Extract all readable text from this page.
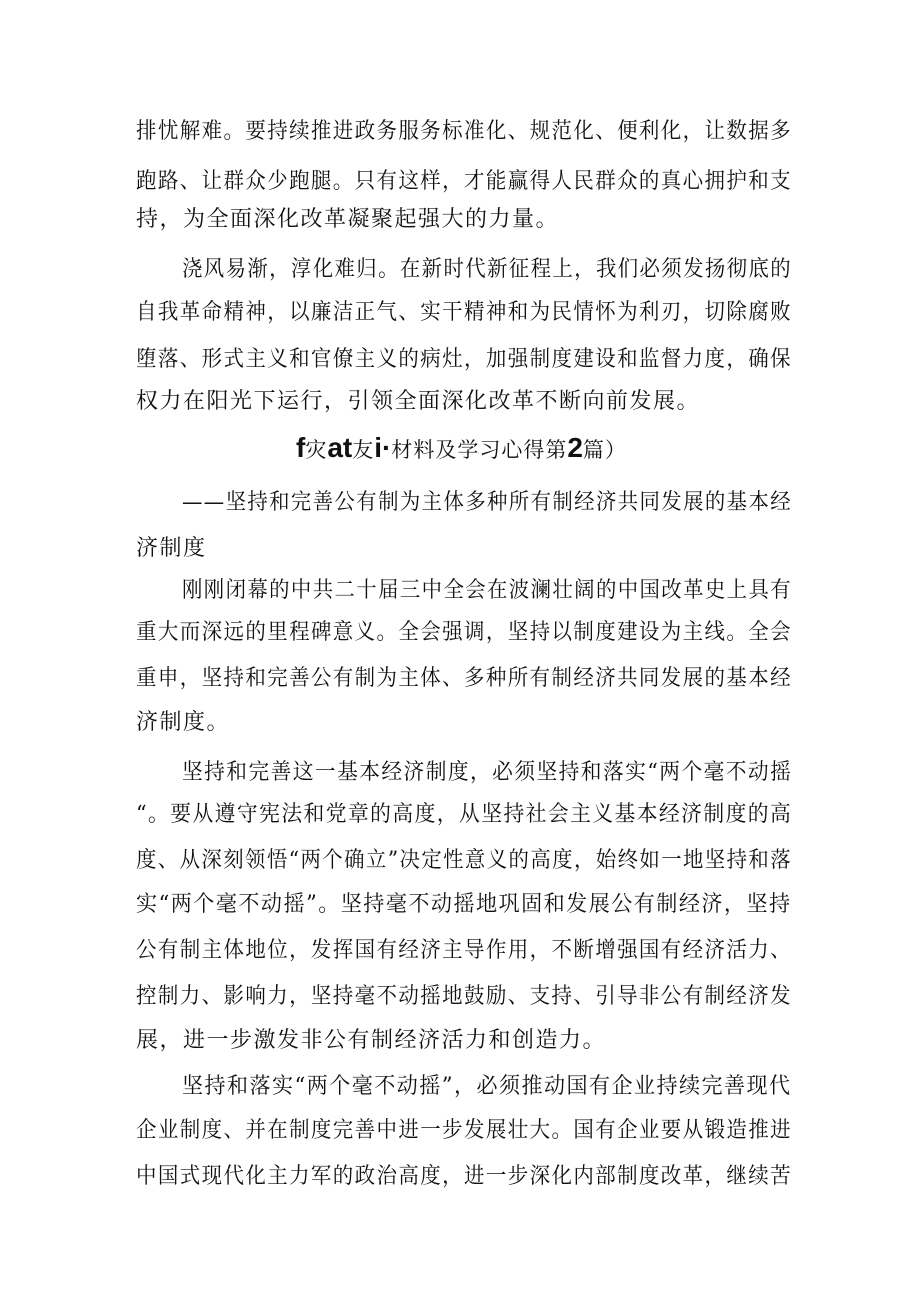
排忧解难。要持续推进政务服务标准化、规范化、便利化，让数据多
跑路、让群众少跑腿。只有这样，才能赢得人民群众的真心拥护和支
持，为全面深化改革凝聚起强大的力量。
浇风易渐，淳化难归。在新时代新征程上，我们必须发扬彻底的
自我革命精神，以廉洁正气、实干精神和为民情怀为利刃，切除腐败
堕落、形式主义和官僚主义的病灶，加强制度建设和监督力度，确保
权力在阳光下运行，引领全面深化改革不断向前发展。
f灾at友i·材料及学习心得第2篇）
——坚持和完善公有制为主体多种所有制经济共同发展的基本经
济制度
刚刚闭幕的中共二十届三中全会在波澜壮阔的中国改革史上具有
重大而深远的里程碑意义。全会强调，坚持以制度建设为主线。全会
重申，坚持和完善公有制为主体、多种所有制经济共同发展的基本经
济制度。
坚持和完善这一基本经济制度，必须坚持和落实“两个毫不动摇
“。要从遵守宪法和党章的高度，从坚持社会主义基本经济制度的高
度、从深刻领悟“两个确立”决定性意义的高度，始终如一地坚持和落
实“两个毫不动摇”。坚持毫不动摇地巩固和发展公有制经济，坚持
公有制主体地位，发挥国有经济主导作用，不断增强国有经济活力、
控制力、影响力，坚持毫不动摇地鼓励、支持、引导非公有制经济发
展，进一步激发非公有制经济活力和创造力。
坚持和落实“两个毫不动摇”，必须推动国有企业持续完善现代
企业制度、并在制度完善中进一步发展壮大。国有企业要从锻造推进
中国式现代化主力军的政治高度，进一步深化内部制度改革，继续苦
